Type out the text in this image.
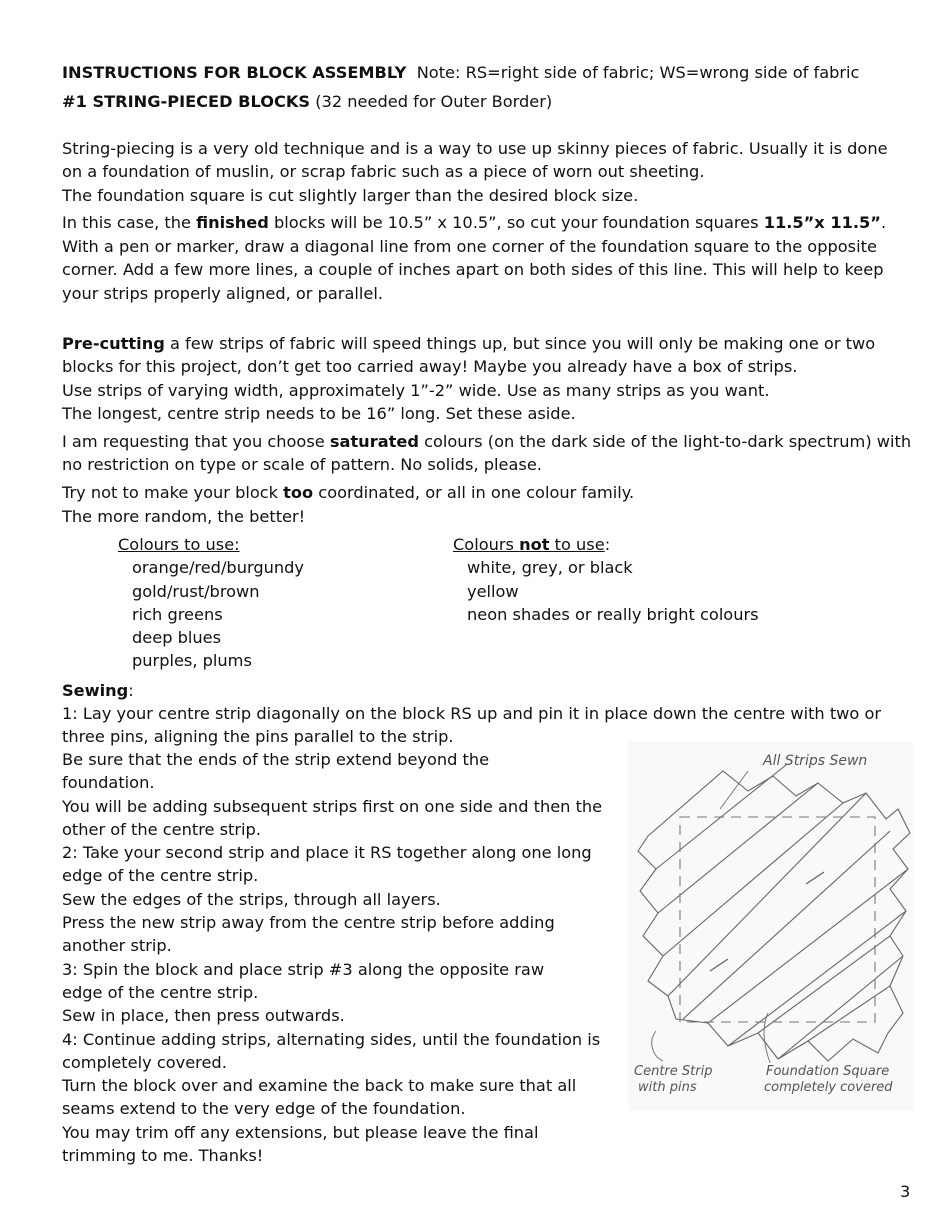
INSTRUCTIONS FOR BLOCK ASSEMBLY Note: RS=right side of fabric; WS=wrong side of fabric

#1 STRING-PIECED BLOCKS (32 needed for Outer Border)

String-piecing is a very old technique and is a way to use up skinny pieces of fabric. Usually it is done on a foundation of muslin, or scrap fabric such as a piece of worn out sheeting.

The foundation square is cut slightly larger than the desired block size.

In this case, the finished blocks will be 10.5” x 10.5”, so cut your foundation squares 11.5”x 11.5”.

With a pen or marker, draw a diagonal line from one corner of the foundation square to the opposite corner. Add a few more lines, a couple of inches apart on both sides of this line. This will help to keep your strips properly aligned, or parallel.

Pre-cutting a few strips of fabric will speed things up, but since you will only be making one or two blocks for this project, don’t get too carried away! Maybe you already have a box of strips.

Use strips of varying width, approximately 1”-2” wide. Use as many strips as you want.

The longest, centre strip needs to be 16” long. Set these aside.

I am requesting that you choose saturated colours (on the dark side of the light-to-dark spectrum) with no restriction on type or scale of pattern. No solids, please.

Try not to make your block too coordinated, or all in one colour family.

The more random, the better!

Colours to use:
orange/red/burgundy
gold/rust/brown
rich greens
deep blues
purples, plums
Colours not to use:
white, grey, or black
yellow
neon shades or really bright colours

Sewing:

1: Lay your centre strip diagonally on the block RS up and pin it in place down the centre with two or three pins, aligning the pins parallel to the strip.

Be sure that the ends of the strip extend beyond the foundation.

You will be adding subsequent strips first on one side and then the other of the centre strip.

2: Take your second strip and place it RS together along one long edge of the centre strip.

Sew the edges of the strips, through all layers.

Press the new strip away from the centre strip before adding another strip.

3: Spin the block and place strip #3 along the opposite raw edge of the centre strip.

Sew in place, then press outwards.

4: Continue adding strips, alternating sides, until the foundation is completely covered.

Turn the block over and examine the back to make sure that all seams extend to the very edge of the foundation.

You may trim off any extensions, but please leave the final trimming to me. Thanks!

All Strips Sewn
Centre Strip
with pins
Foundation Square
completely covered
3
